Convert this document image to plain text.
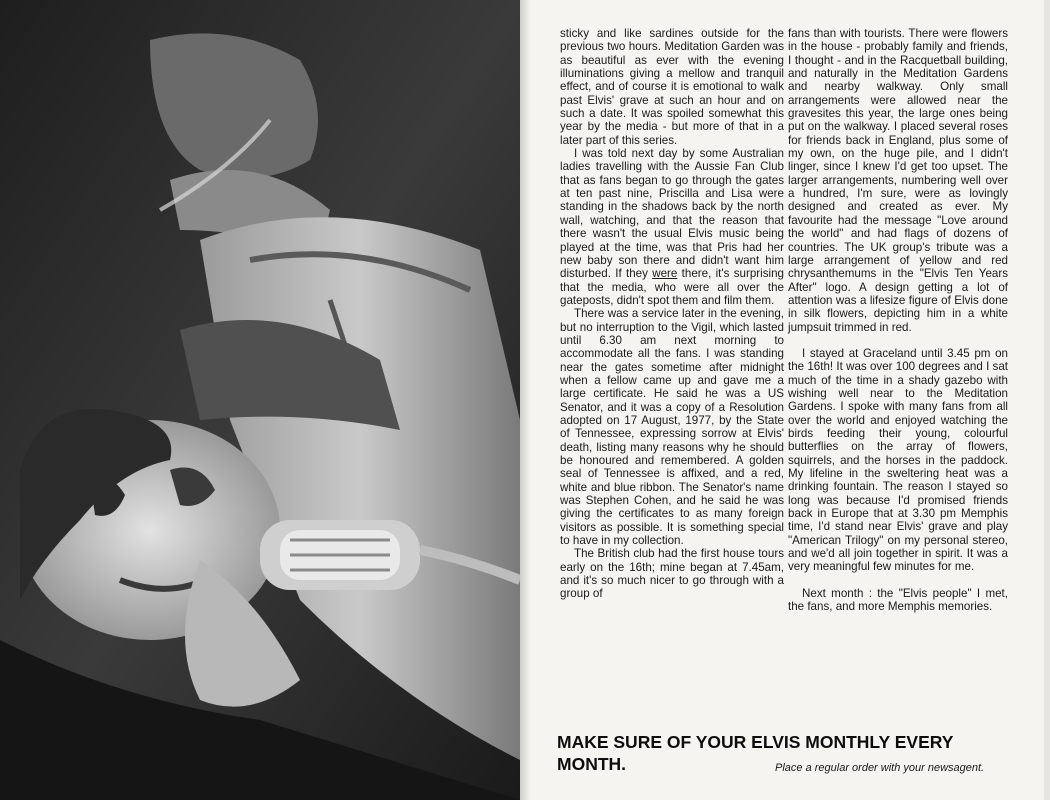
sticky and like sardines outside for the previous two hours. Meditation Garden was as beautiful as ever with the evening illuminations giving a mellow and tranquil effect, and of course it is emotional to walk past Elvis' grave at such an hour and on such a date. It was spoiled somewhat this year by the media - but more of that in a later part of this series.

I was told next day by some Australian ladies travelling with the Aussie Fan Club that as fans began to go through the gates at ten past nine, Priscilla and Lisa were standing in the shadows back by the north wall, watching, and that the reason that there wasn't the usual Elvis music being played at the time, was that Pris had her new baby son there and didn't want him disturbed. If they were there, it's surprising that the media, who were all over the gateposts, didn't spot them and film them.

There was a service later in the evening, but no interruption to the Vigil, which lasted until 6.30 am next morning to accommodate all the fans. I was standing near the gates sometime after midnight when a fellow came up and gave me a large certificate. He said he was a US Senator, and it was a copy of a Resolution adopted on 17 August, 1977, by the State of Tennessee, expressing sorrow at Elvis' death, listing many reasons why he should be honoured and remembered. A golden seal of Tennessee is affixed, and a red, white and blue ribbon. The Senator's name was Stephen Cohen, and he said he was giving the certificates to as many foreign visitors as possible. It is something special to have in my collection.

The British club had the first house tours early on the 16th; mine began at 7.45am, and it's so much nicer to go through with a group of

fans than with tourists. There were flowers in the house - probably family and friends, I thought - and in the Racquetball building, and naturally in the Meditation Gardens and nearby walkway. Only small arrangements were allowed near the gravesites this year, the large ones being put on the walkway. I placed several roses for friends back in England, plus some of my own, on the huge pile, and I didn't linger, since I knew I'd get too upset. The larger arrangements, numbering well over a hundred, I'm sure, were as lovingly designed and created as ever. My favourite had the message "Love around the world" and had flags of dozens of countries. The UK group's tribute was a large arrangement of yellow and red chrysanthemums in the "Elvis Ten Years After" logo. A design getting a lot of attention was a lifesize figure of Elvis done in silk flowers, depicting him in a white jumpsuit trimmed in red.

I stayed at Graceland until 3.45 pm on the 16th! It was over 100 degrees and I sat much of the time in a shady gazebo with wishing well near to the Meditation Gardens. I spoke with many fans from all over the world and enjoyed watching the birds feeding their young, colourful butterflies on the array of flowers, squirrels, and the horses in the paddock. My lifeline in the sweltering heat was a drinking fountain. The reason I stayed so long was because I'd promised friends back in Europe that at 3.30 pm Memphis time, I'd stand near Elvis' grave and play "American Trilogy" on my personal stereo, and we'd all join together in spirit. It was a very meaningful few minutes for me.

Next month : the "Elvis people" I met, the fans, and more Memphis memories.

MAKE SURE OF YOUR ELVIS MONTHLY EVERY MONTH.	Place a regular order with your newsagent.
